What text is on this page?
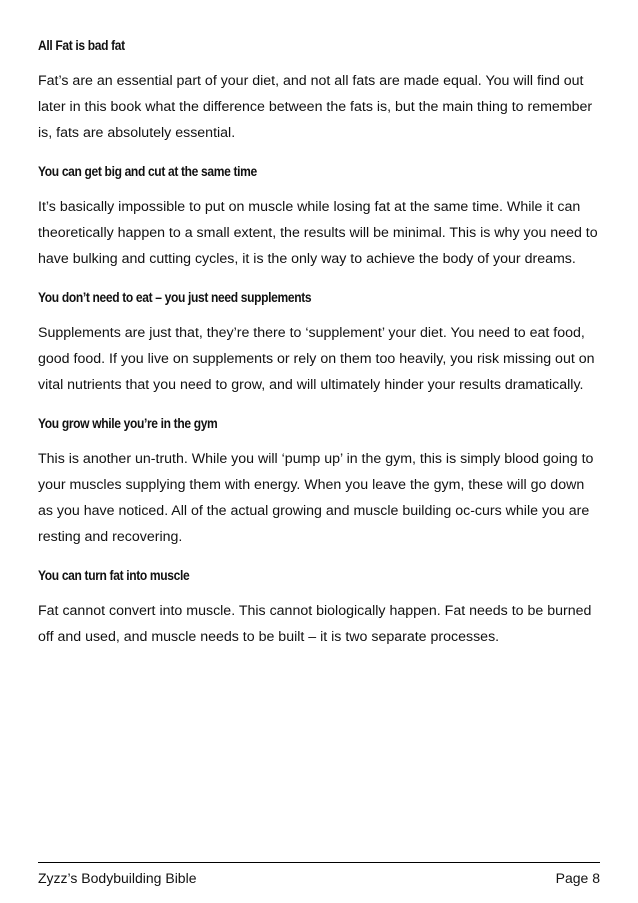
All Fat is bad fat

Fat’s are an essential part of your diet, and not all fats are made equal. You will find out later in this book what the difference between the fats is, but the main thing to remember is, fats are absolutely essential.

You can get big and cut at the same time

It’s basically impossible to put on muscle while losing fat at the same time. While it can theoretically happen to a small extent, the results will be minimal. This is why you need to have bulking and cutting cycles, it is the only way to achieve the body of your dreams.

You don’t need to eat – you just need supplements

Supplements are just that, they’re there to ‘supplement’ your diet. You need to eat food, good food. If you live on supplements or rely on them too heavily, you risk missing out on vital nutrients that you need to grow, and will ultimately hinder your results dramatically.

You grow while you’re in the gym

This is another un-truth. While you will ‘pump up’ in the gym, this is simply blood going to your muscles supplying them with energy. When you leave the gym, these will go down as you have noticed. All of the actual growing and muscle building oc-curs while you are resting and recovering.

You can turn fat into muscle

Fat cannot convert into muscle. This cannot biologically happen. Fat needs to be burned off and used, and muscle needs to be built – it is two separate processes.

Zyzz’s Bodybuilding Bible	Page 8
